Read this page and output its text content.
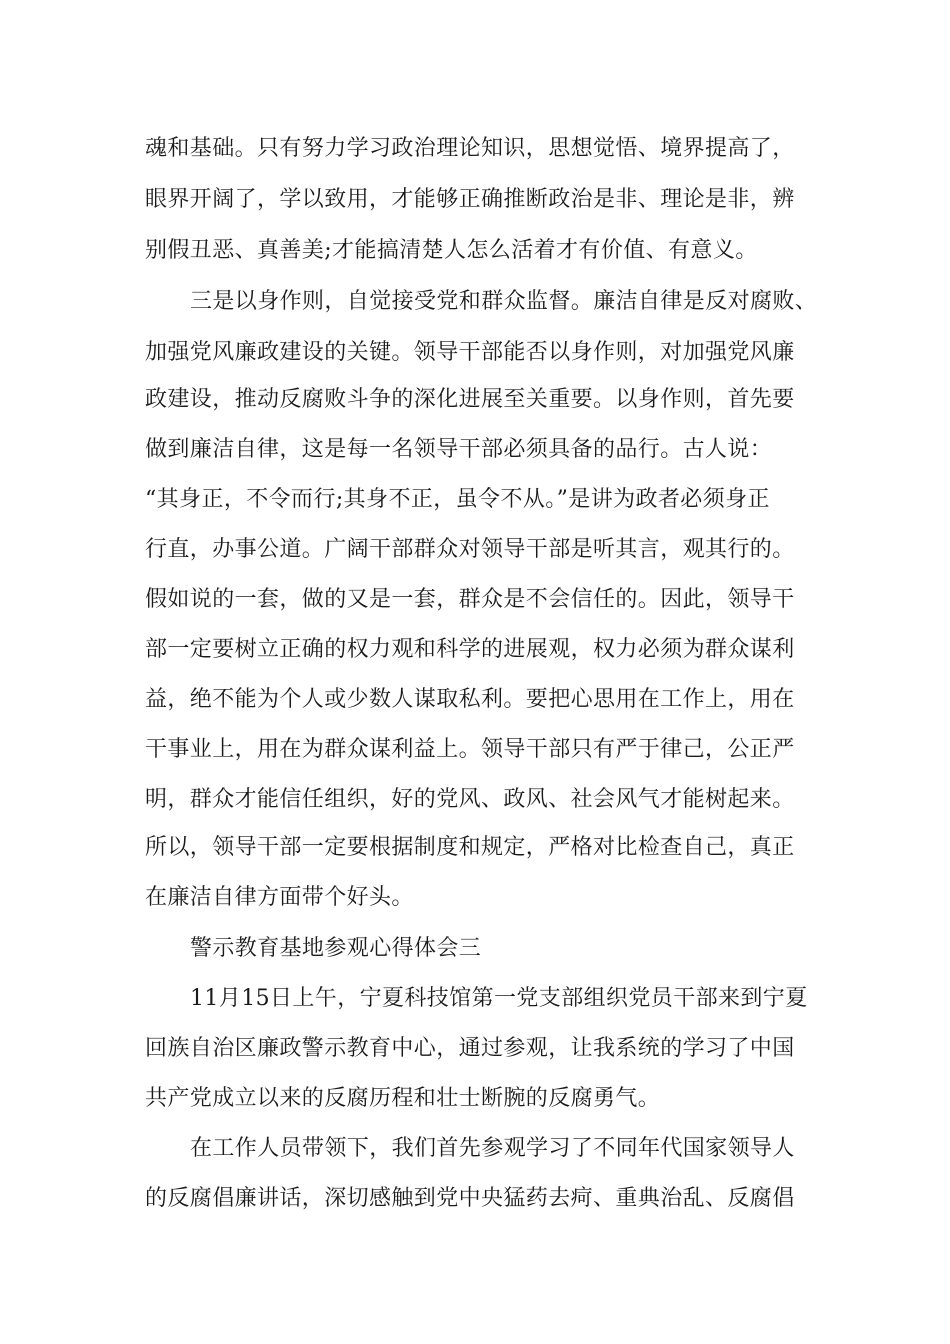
魂和基础。只有努力学习政治理论知识，思想觉悟、境界提高了，
眼界开阔了，学以致用，才能够正确推断政治是非、理论是非，辨
别假丑恶、真善美;才能搞清楚人怎么活着才有价值、有意义。
三是以身作则，自觉接受党和群众监督。廉洁自律是反对腐败、
加强党风廉政建设的关键。领导干部能否以身作则，对加强党风廉
政建设，推动反腐败斗争的深化进展至关重要。以身作则，首先要
做到廉洁自律，这是每一名领导干部必须具备的品行。古人说：
“其身正，不令而行;其身不正，虽令不从。”是讲为政者必须身正
行直，办事公道。广阔干部群众对领导干部是听其言，观其行的。
假如说的一套，做的又是一套，群众是不会信任的。因此，领导干
部一定要树立正确的权力观和科学的进展观，权力必须为群众谋利
益，绝不能为个人或少数人谋取私利。要把心思用在工作上，用在
干事业上，用在为群众谋利益上。领导干部只有严于律己，公正严
明，群众才能信任组织，好的党风、政风、社会风气才能树起来。
所以，领导干部一定要根据制度和规定，严格对比检查自己，真正
在廉洁自律方面带个好头。
警示教育基地参观心得体会三
11月15日上午，宁夏科技馆第一党支部组织党员干部来到宁夏
回族自治区廉政警示教育中心，通过参观，让我系统的学习了中国
共产党成立以来的反腐历程和壮士断腕的反腐勇气。
在工作人员带领下，我们首先参观学习了不同年代国家领导人
的反腐倡廉讲话，深切感触到党中央猛药去疴、重典治乱、反腐倡
